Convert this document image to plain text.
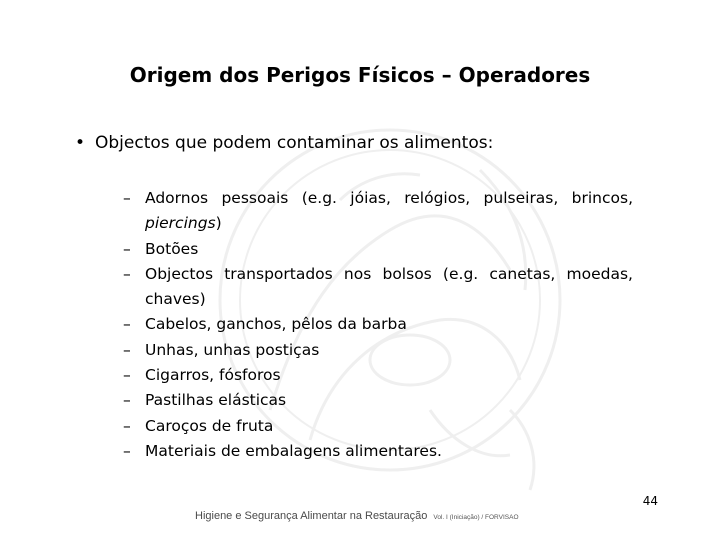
Origem dos Perigos Físicos – Operadores
• Objectos que podem contaminar os alimentos:
– Adornos pessoais (e.g. jóias, relógios, pulseiras, brincos, piercings)
– Botões
– Objectos transportados nos bolsos (e.g. canetas, moedas, chaves)
– Cabelos, ganchos, pêlos da barba
– Unhas, unhas postiças
– Cigarros, fósforos
– Pastilhas elásticas
– Caroços de fruta
– Materiais de embalagens alimentares.
44
Higiene e Segurança Alimentar na Restauração Vol. I (Iniciação) / FORVISAO
